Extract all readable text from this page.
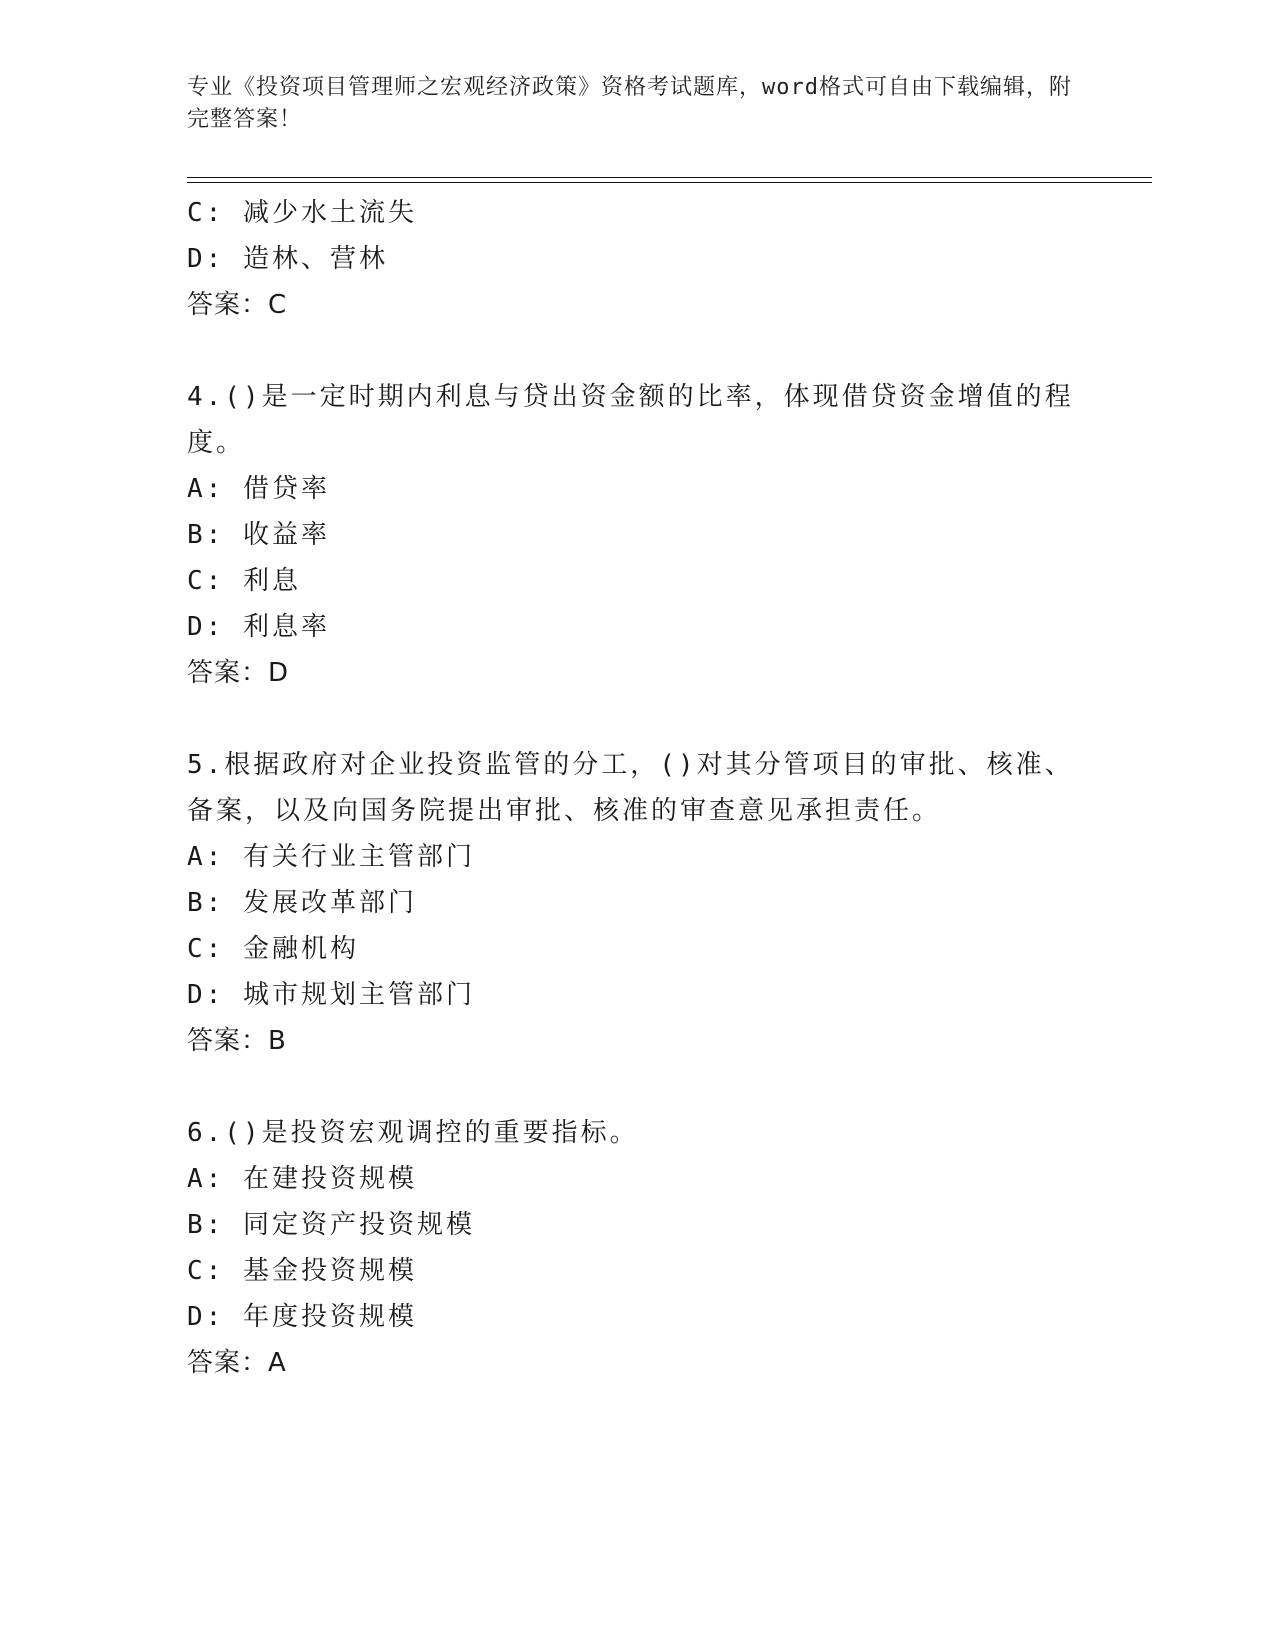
专业《投资项目管理师之宏观经济政策》资格考试题库，word格式可自由下载编辑，附完整答案！
C: 减少水土流失
D: 造林、营林
答案：C
4.()是一定时期内利息与贷出资金额的比率，体现借贷资金增值的程度。
A: 借贷率
B: 收益率
C: 利息
D: 利息率
答案：D
5.根据政府对企业投资监管的分工，()对其分管项目的审批、核准、备案，以及向国务院提出审批、核准的审查意见承担责任。
A: 有关行业主管部门
B: 发展改革部门
C: 金融机构
D: 城市规划主管部门
答案：B
6.()是投资宏观调控的重要指标。
A: 在建投资规模
B: 同定资产投资规模
C: 基金投资规模
D: 年度投资规模
答案：A
